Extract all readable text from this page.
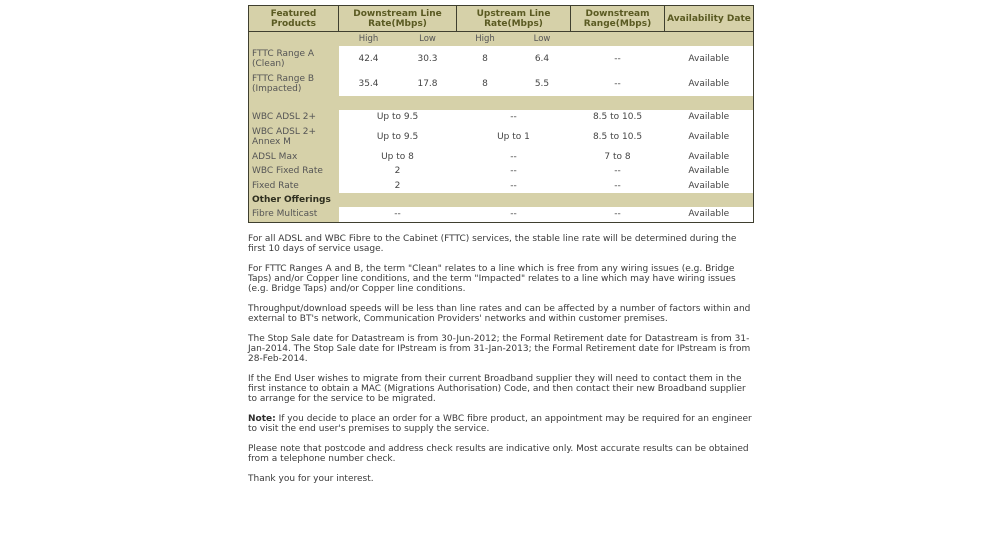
Featured Products	Downstream Line Rate(Mbps)		Upstream Line Rate(Mbps)		Downstream Range(Mbps)	Availability Date
	High	Low	High	Low		
FTTC Range A (Clean)	42.4	30.3	8	6.4	--	Available
FTTC Range B (Impacted)	35.4	17.8	8	5.5	--	Available

WBC ADSL 2+	Up to 9.5		--		8.5 to 10.5	Available
WBC ADSL 2+ Annex M	Up to 9.5		Up to 1		8.5 to 10.5	Available
ADSL Max	Up to 8		--		7 to 8	Available
WBC Fixed Rate	2		--		--	Available
Fixed Rate	2		--		--	Available
Other Offerings						
Fibre Multicast	--		--		--	Available

For all ADSL and WBC Fibre to the Cabinet (FTTC) services, the stable line rate will be determined during the first 10 days of service usage.

For FTTC Ranges A and B, the term "Clean" relates to a line which is free from any wiring issues (e.g. Bridge Taps) and/or Copper line conditions, and the term "Impacted" relates to a line which may have wiring issues (e.g. Bridge Taps) and/or Copper line conditions.

Throughput/download speeds will be less than line rates and can be affected by a number of factors within and external to BT's network, Communication Providers' networks and within customer premises.

The Stop Sale date for Datastream is from 30-Jun-2012; the Formal Retirement date for Datastream is from 31-Jan-2014. The Stop Sale date for IPstream is from 31-Jan-2013; the Formal Retirement date for IPstream is from 28-Feb-2014.

If the End User wishes to migrate from their current Broadband supplier they will need to contact them in the first instance to obtain a MAC (Migrations Authorisation) Code, and then contact their new Broadband supplier to arrange for the service to be migrated.

Note: If you decide to place an order for a WBC fibre product, an appointment may be required for an engineer to visit the end user's premises to supply the service.

Please note that postcode and address check results are indicative only. Most accurate results can be obtained from a telephone number check.

Thank you for your interest.
